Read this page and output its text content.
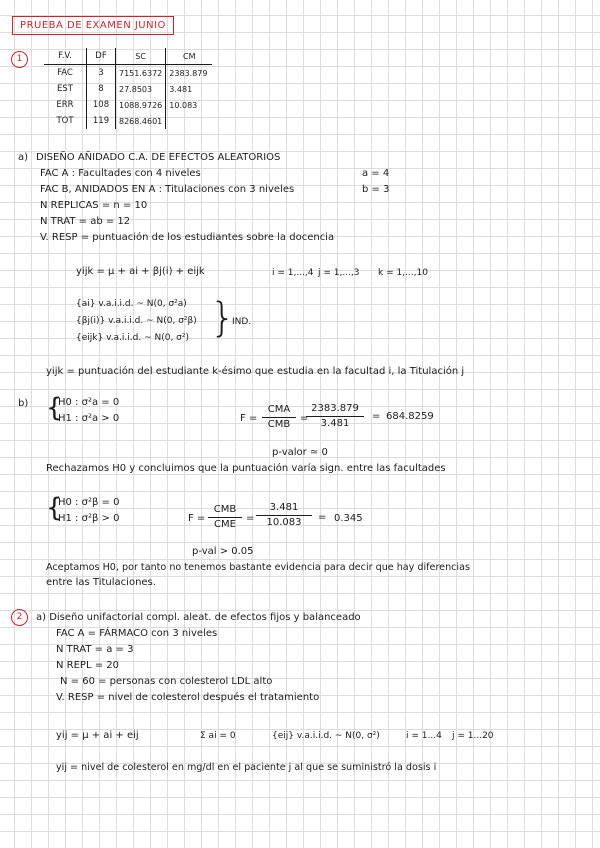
PRUEBA DE EXAMEN JUNIO
1	F.V.	DF	SC	CM
FAC	3	7151.6372	2383.879
EST	8	27.8503	3.481
ERR	108	1088.9726	10.083
TOT	119	8268.4601	
a) DISEÑO AÑIDADO C.A. DE EFECTOS ALEATORIOS
FAC A : Facultades con 4 niveles	a = 4
FAC B, ANIDADOS EN A : Titulaciones con 3 niveles	b = 3
N REPLICAS = n = 10
N TRAT = ab = 12
V. RESP = puntuación de los estudiantes sobre la docencia
yijk = μ + ai + βj(i) + eijk	i = 1,...,4 j = 1,...,3 k = 1,...,10
{ai} v.a.i.i.d. ~ N(0, σ²a)
{βj(i)} v.a.i.i.d. ~ N(0, σ²β)
{eijk} v.a.i.i.d. ~ N(0, σ²) }
IND.
yijk = puntuación del estudiante k-ésimo que estudia en la facultad i, la Titulación j
b) {
H0 : σ²a = 0
H1 : σ²a > 0	F =
CMA
CMB
=
2383.879
3.481
= 684.8259
p-valor ≃ 0
Rechazamos H0 y concluimos que la puntuación varía sign. entre las facultades
{
H0 : σ²β = 0
H1 : σ²β > 0	F =
CMB
CME
=
3.481
10.083	= 0.345
p-val > 0.05
Aceptamos H0, por tanto no tenemos bastante evidencia para decir que hay diferencias
entre las Titulaciones.
2	a) Diseño unifactorial compl. aleat. de efectos fijos y balanceado
FAC A = FÁRMACO con 3 niveles
N TRAT = a = 3
N REPL = 20
N = 60 = personas con colesterol LDL alto
V. RESP = nivel de colesterol después el tratamiento
yij = μ + ai + eij	Σ ai = 0	{eij} v.a.i.i.d. ~ N(0, σ²)	i = 1...4 j = 1...20
yij = nivel de colesterol en mg/dl en el paciente j al que se suministró la dosis i
